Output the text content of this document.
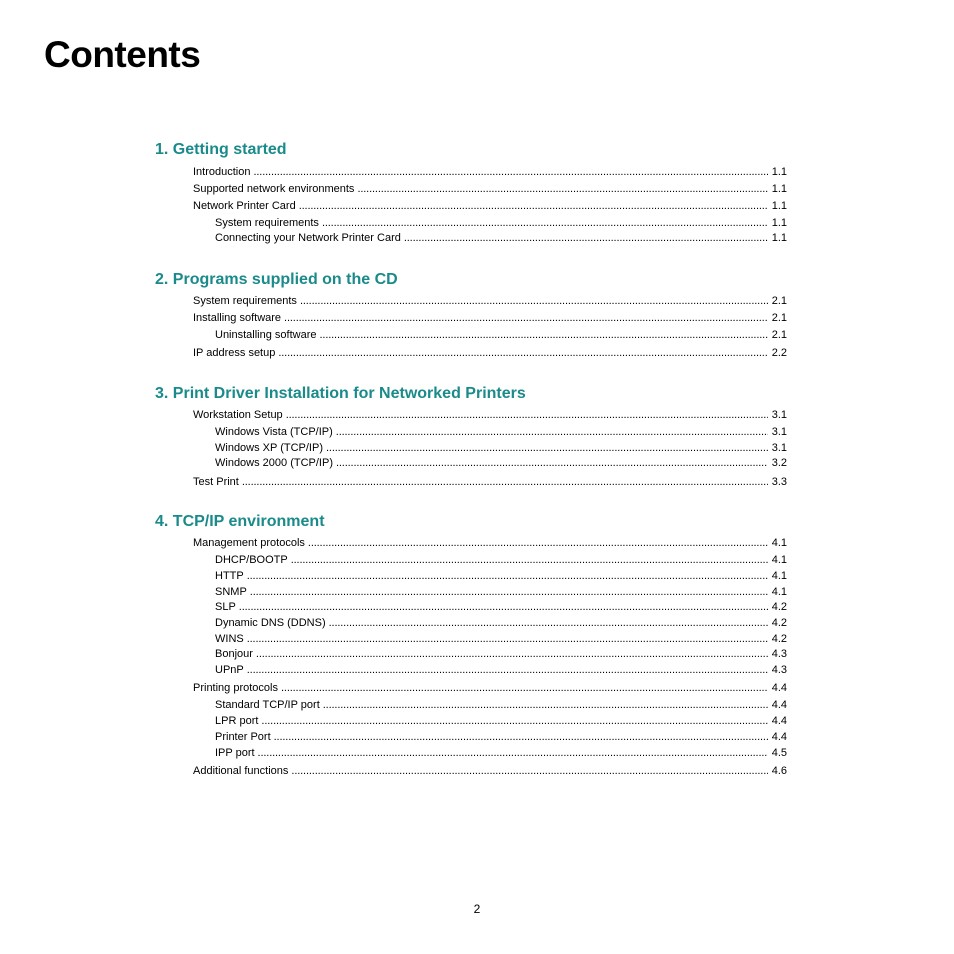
Contents
1. Getting started
Introduction . . .	1.1
Supported network environments . . .	1.1
Network Printer Card . . .	1.1
System requirements . . .	1.1
Connecting your Network Printer Card . . .	1.1
2. Programs supplied on the CD
System requirements . . .	2.1
Installing software . . .	2.1
Uninstalling software . . .	2.1
IP address setup . . .	2.2
3. Print Driver Installation for Networked Printers
Workstation Setup . . .	3.1
Windows Vista (TCP/IP) . . .	3.1
Windows XP (TCP/IP) . . .	3.1
Windows 2000 (TCP/IP) . . .	3.2
Test Print . . .	3.3
4. TCP/IP environment
Management protocols . . .	4.1
DHCP/BOOTP . . .	4.1
HTTP . . .	4.1
SNMP . . .	4.1
SLP . . .	4.2
Dynamic DNS (DDNS) . . .	4.2
WINS . . .	4.2
Bonjour . . .	4.3
UPnP . . .	4.3
Printing protocols . . .	4.4
Standard TCP/IP port . . .	4.4
LPR port . . .	4.4
Printer Port . . .	4.4
IPP port . . .	4.5
Additional functions . . .	4.6
2
